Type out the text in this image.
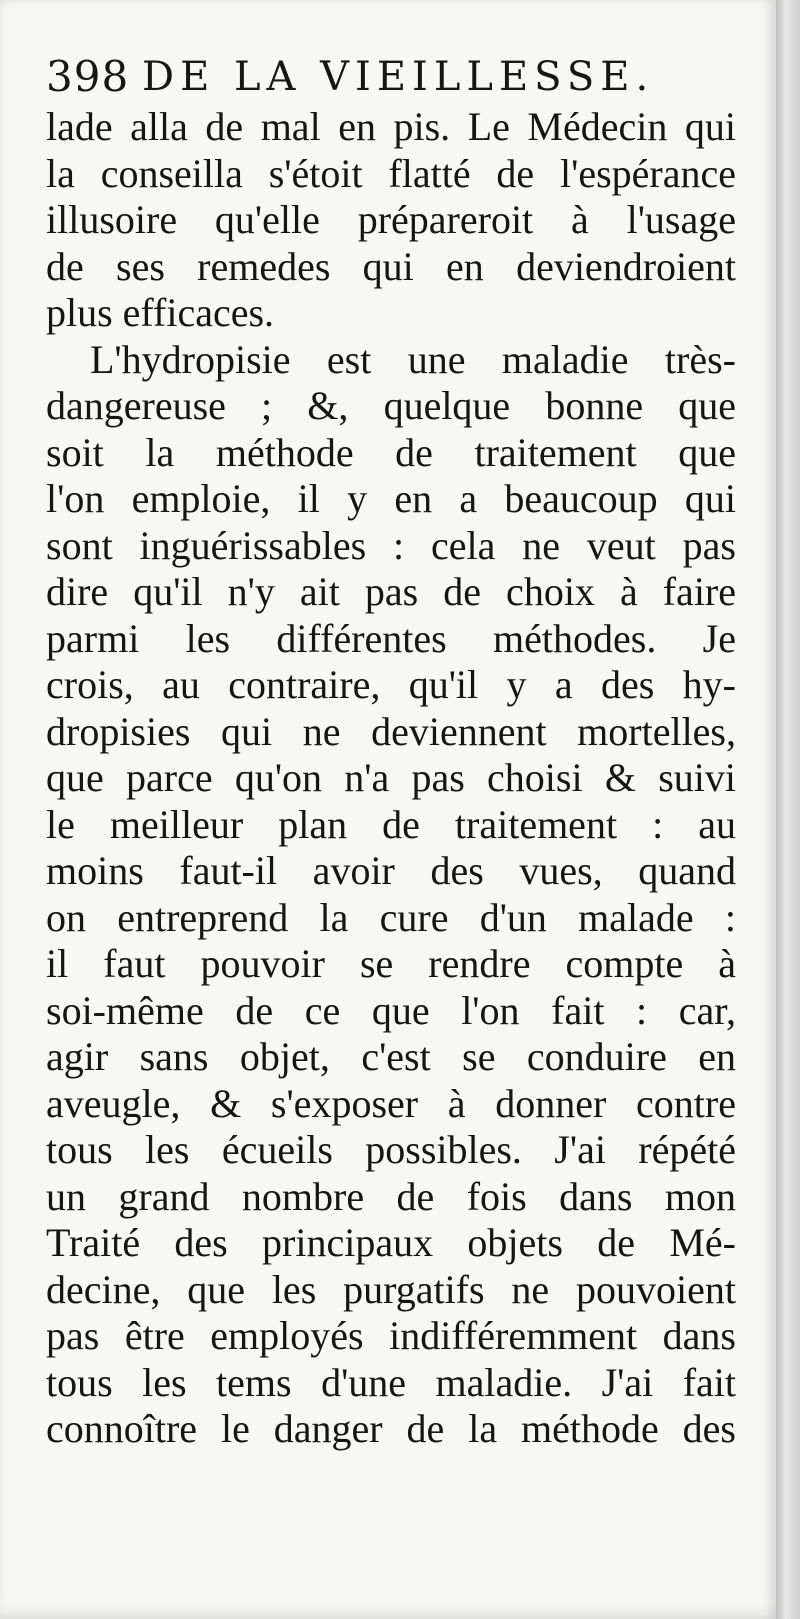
398 DE LA VIEILLESSE.
lade alla de mal en pis. Le Médecin qui
la conseilla s'étoit flatté de l'espérance
illusoire qu'elle prépareroit à l'usage
de ses remedes qui en deviendroient
plus efficaces.
L'hydropisie est une maladie très-
dangereuse ; &, quelque bonne que
soit la méthode de traitement que
l'on emploie, il y en a beaucoup qui
sont inguérissables : cela ne veut pas
dire qu'il n'y ait pas de choix à faire
parmi les différentes méthodes. Je
crois, au contraire, qu'il y a des hy-
dropisies qui ne deviennent mortelles,
que parce qu'on n'a pas choisi & suivi
le meilleur plan de traitement : au
moins faut-il avoir des vues, quand
on entreprend la cure d'un malade :
il faut pouvoir se rendre compte à
soi-même de ce que l'on fait : car,
agir sans objet, c'est se conduire en
aveugle, & s'exposer à donner contre
tous les écueils possibles. J'ai répété
un grand nombre de fois dans mon
Traité des principaux objets de Mé-
decine, que les purgatifs ne pouvoient
pas être employés indifféremment dans
tous les tems d'une maladie. J'ai fait
connoître le danger de la méthode des
